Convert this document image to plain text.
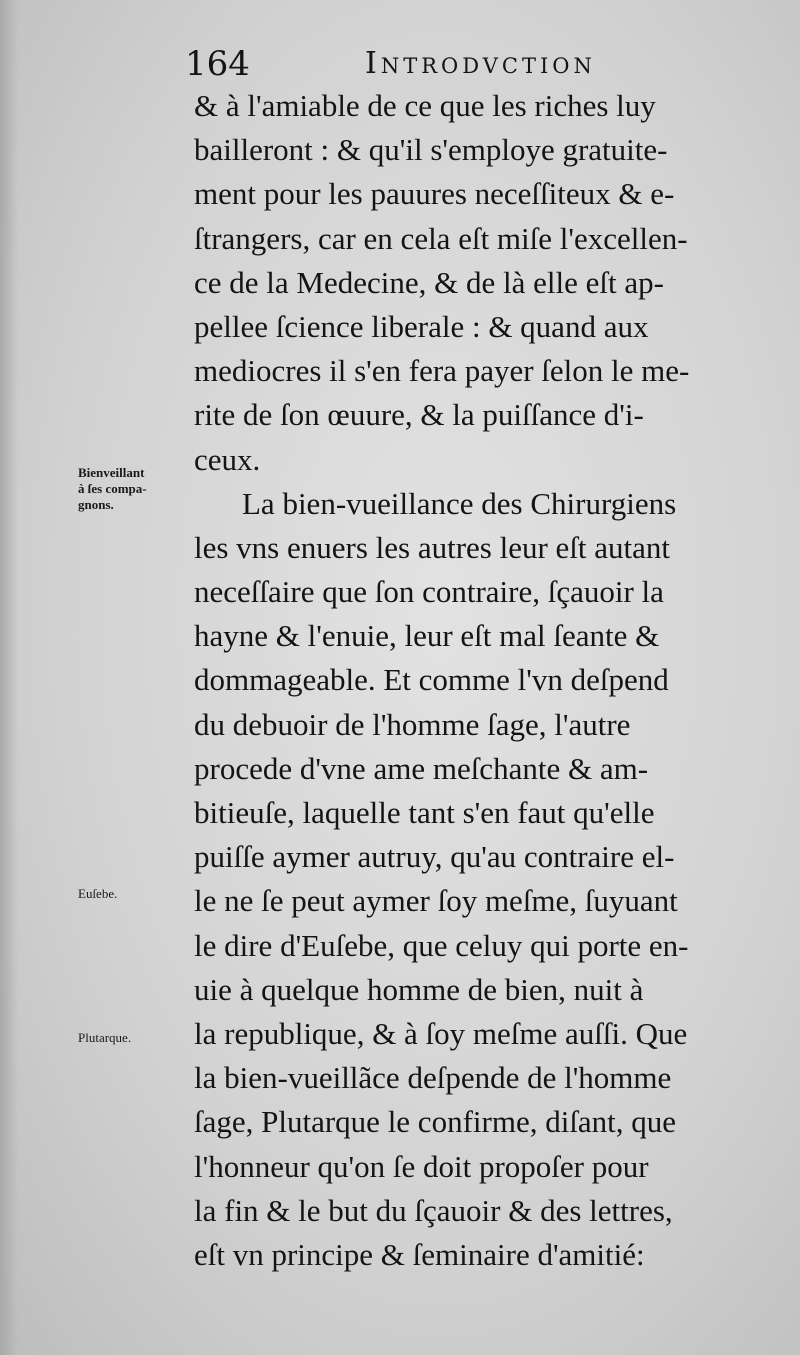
164	Introdvction
Bienveillant
à ſes compa-
gnons.
Euſebe.
Plutarque.
& à l'amiable de ce que les riches luy
bailleront : & qu'il s'employe gratuite-
ment pour les pauures neceſſiteux & e-
ſtrangers, car en cela eſt miſe l'excellen-
ce de la Medecine, & de là elle eſt ap-
pellee ſcience liberale : & quand aux
mediocres il s'en fera payer ſelon le me-
rite de ſon œuure, & la puiſſance d'i-
ceux.
La bien-vueillance des Chirurgiens
les vns enuers les autres leur eſt autant
neceſſaire que ſon contraire, ſçauoir la
hayne & l'enuie, leur eſt mal ſeante &
dommageable. Et comme l'vn deſpend
du debuoir de l'homme ſage, l'autre
procede d'vne ame meſchante & am-
bitieuſe, laquelle tant s'en faut qu'elle
puiſſe aymer autruy, qu'au contraire el-
le ne ſe peut aymer ſoy meſme, ſuyuant
le dire d'Euſebe, que celuy qui porte en-
uie à quelque homme de bien, nuit à
la republique, & à ſoy meſme auſſi. Que
la bien-vueillãce deſpende de l'homme
ſage, Plutarque le confirme, diſant, que
l'honneur qu'on ſe doit propoſer pour
la fin & le but du ſçauoir & des lettres,
eſt vn principe & ſeminaire d'amitié:
